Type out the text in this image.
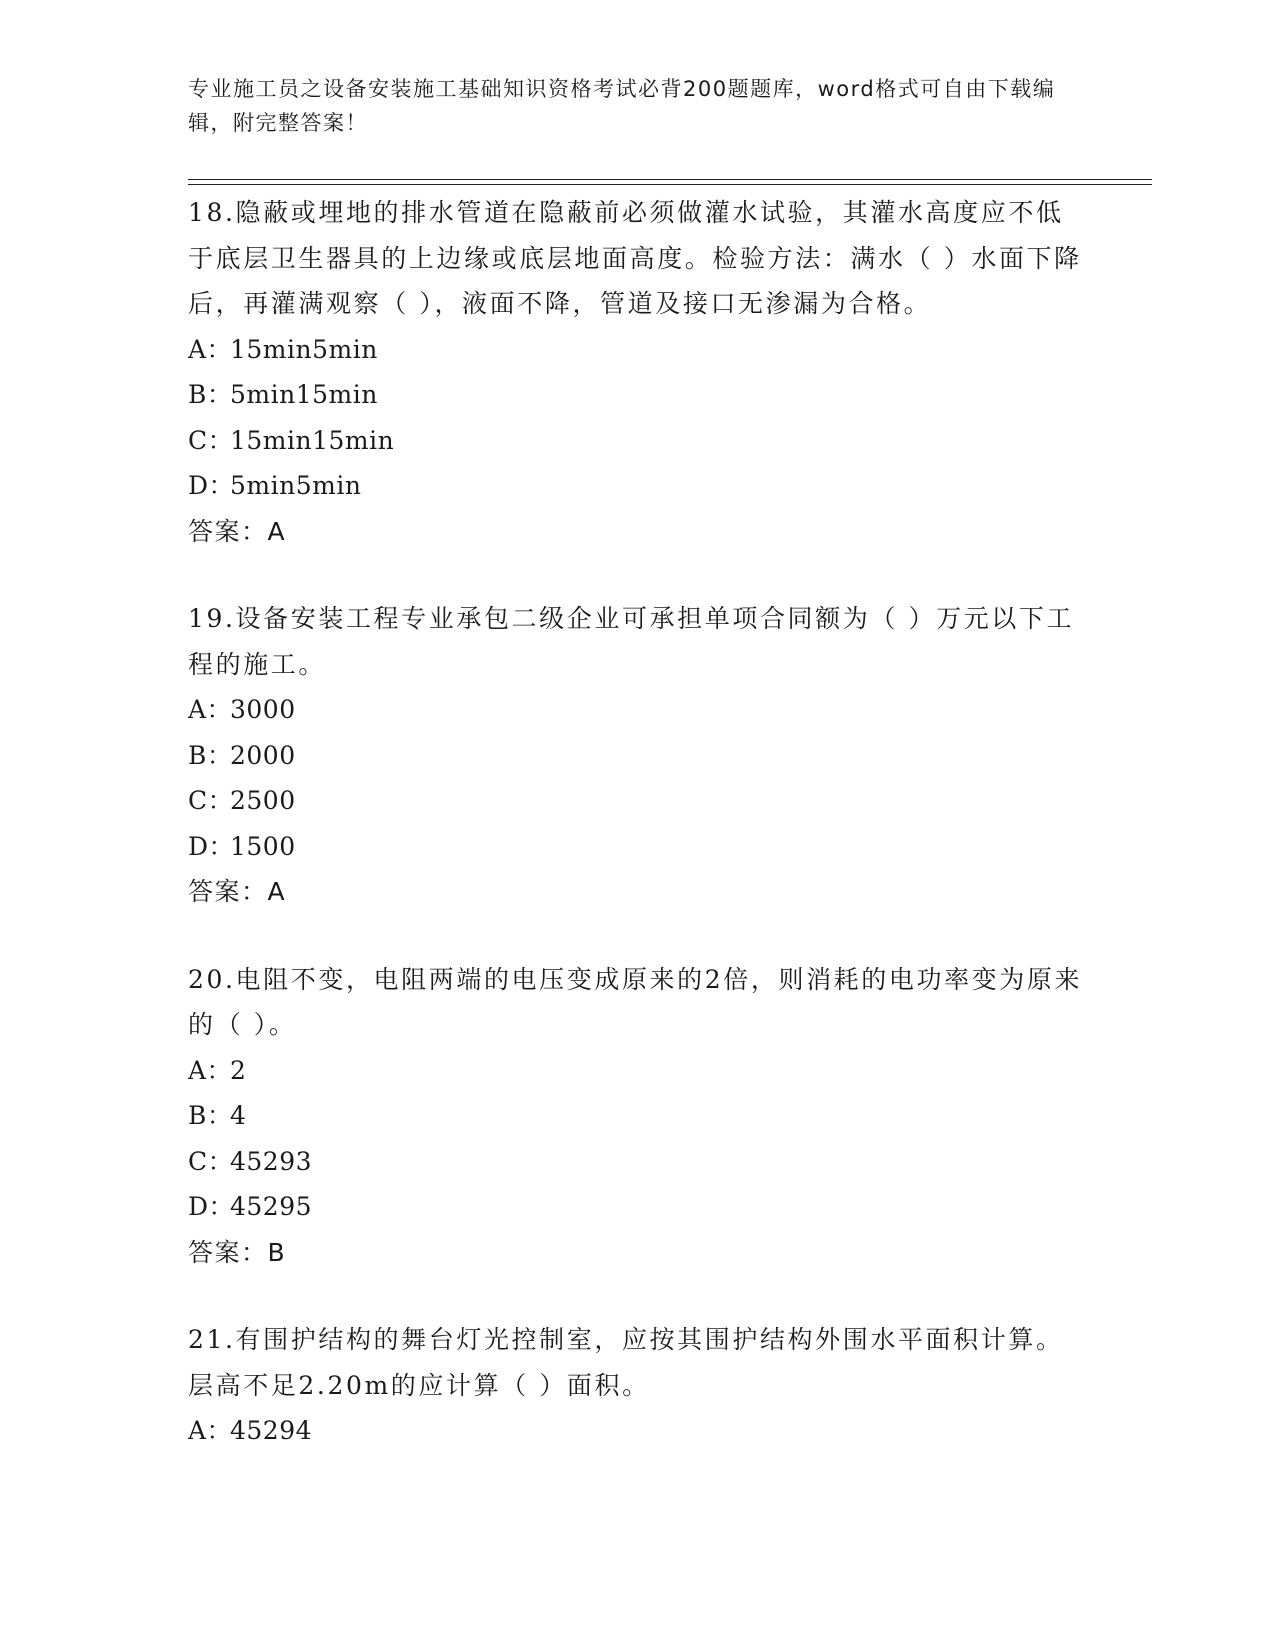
专业施工员之设备安装施工基础知识资格考试必背200题题库，word格式可自由下载编辑，附完整答案！

18.隐蔽或埋地的排水管道在隐蔽前必须做灌水试验，其灌水高度应不低于底层卫生器具的上边缘或底层地面高度。检验方法：满水（ ）水面下降后，再灌满观察（ ），液面不降，管道及接口无渗漏为合格。

A：15min5min

B：5min15min

C：15min15min

D：5min5min

答案：A

19.设备安装工程专业承包二级企业可承担单项合同额为（ ）万元以下工程的施工。

A：3000

B：2000

C：2500

D：1500

答案：A

20.电阻不变，电阻两端的电压变成原来的2倍，则消耗的电功率变为原来的（ ）。

A：2

B：4

C：45293

D：45295

答案：B

21.有围护结构的舞台灯光控制室，应按其围护结构外围水平面积计算。层高不足2.20m的应计算（ ）面积。

A：45294
